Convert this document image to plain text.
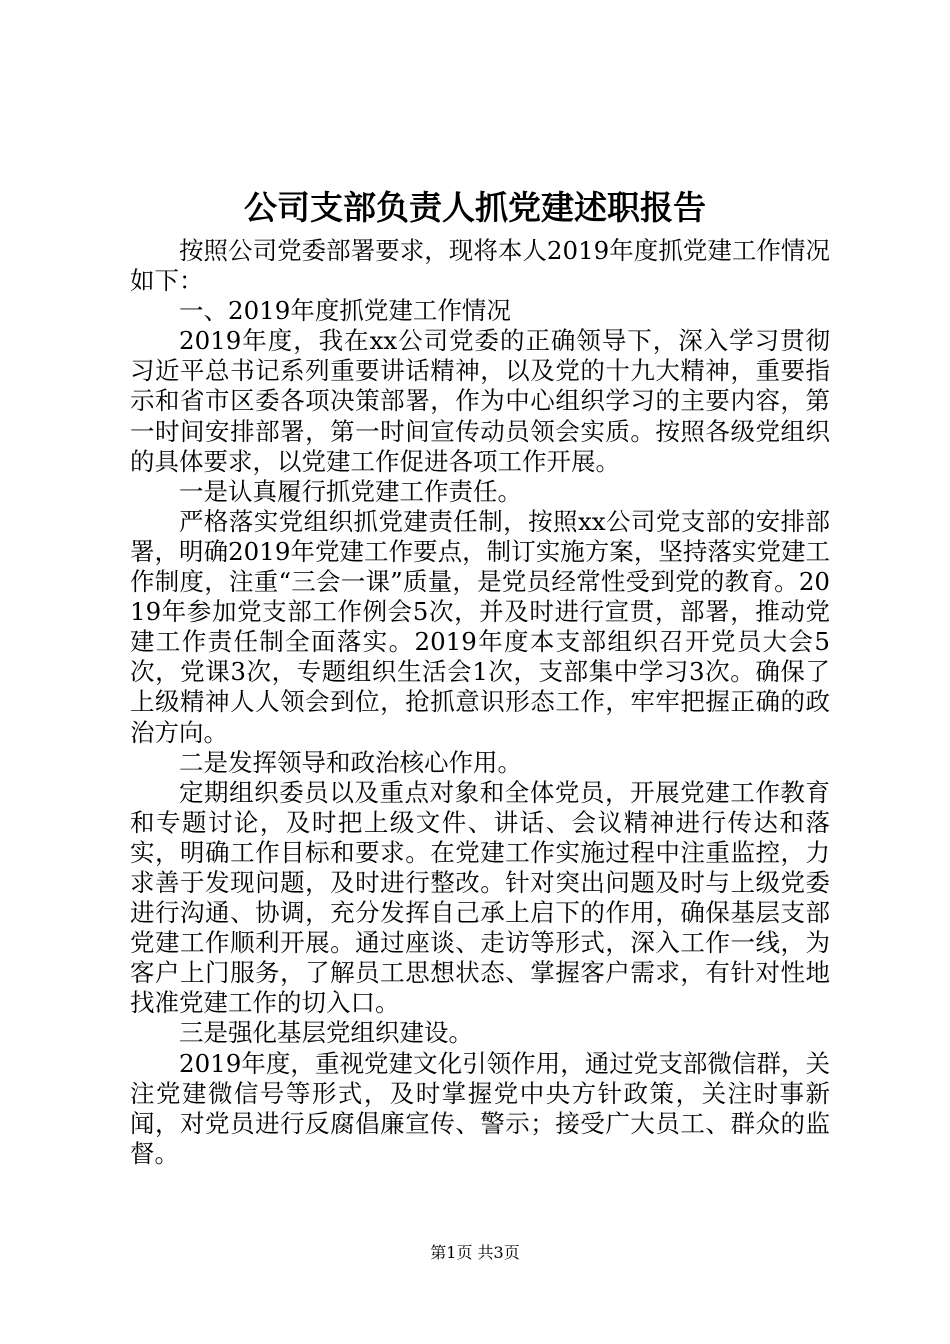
公司支部负责人抓党建述职报告

按照公司党委部署要求，现将本人2019年度抓党建工作情况如下：

一、2019年度抓党建工作情况

2019年度，我在xx公司党委的正确领导下，深入学习贯彻习近平总书记系列重要讲话精神，以及党的十九大精神，重要指示和省市区委各项决策部署，作为中心组织学习的主要内容，第一时间安排部署，第一时间宣传动员领会实质。按照各级党组织的具体要求，以党建工作促进各项工作开展。

一是认真履行抓党建工作责任。

严格落实党组织抓党建责任制，按照xx公司党支部的安排部署，明确2019年党建工作要点，制订实施方案，坚持落实党建工作制度，注重“三会一课”质量，是党员经常性受到党的教育。2019年参加党支部工作例会5次，并及时进行宣贯，部署，推动党建工作责任制全面落实。2019年度本支部组织召开党员大会5次，党课3次，专题组织生活会1次，支部集中学习3次。确保了上级精神人人领会到位，抢抓意识形态工作，牢牢把握正确的政治方向。

二是发挥领导和政治核心作用。

定期组织委员以及重点对象和全体党员，开展党建工作教育和专题讨论，及时把上级文件、讲话、会议精神进行传达和落实，明确工作目标和要求。在党建工作实施过程中注重监控，力求善于发现问题，及时进行整改。针对突出问题及时与上级党委进行沟通、协调，充分发挥自己承上启下的作用，确保基层支部党建工作顺利开展。通过座谈、走访等形式，深入工作一线，为客户上门服务，了解员工思想状态、掌握客户需求，有针对性地找准党建工作的切入口。

三是强化基层党组织建设。

2019年度，重视党建文化引领作用，通过党支部微信群，关注党建微信号等形式，及时掌握党中央方针政策，关注时事新闻，对党员进行反腐倡廉宣传、警示；接受广大员工、群众的监督。

第1页 共3页
